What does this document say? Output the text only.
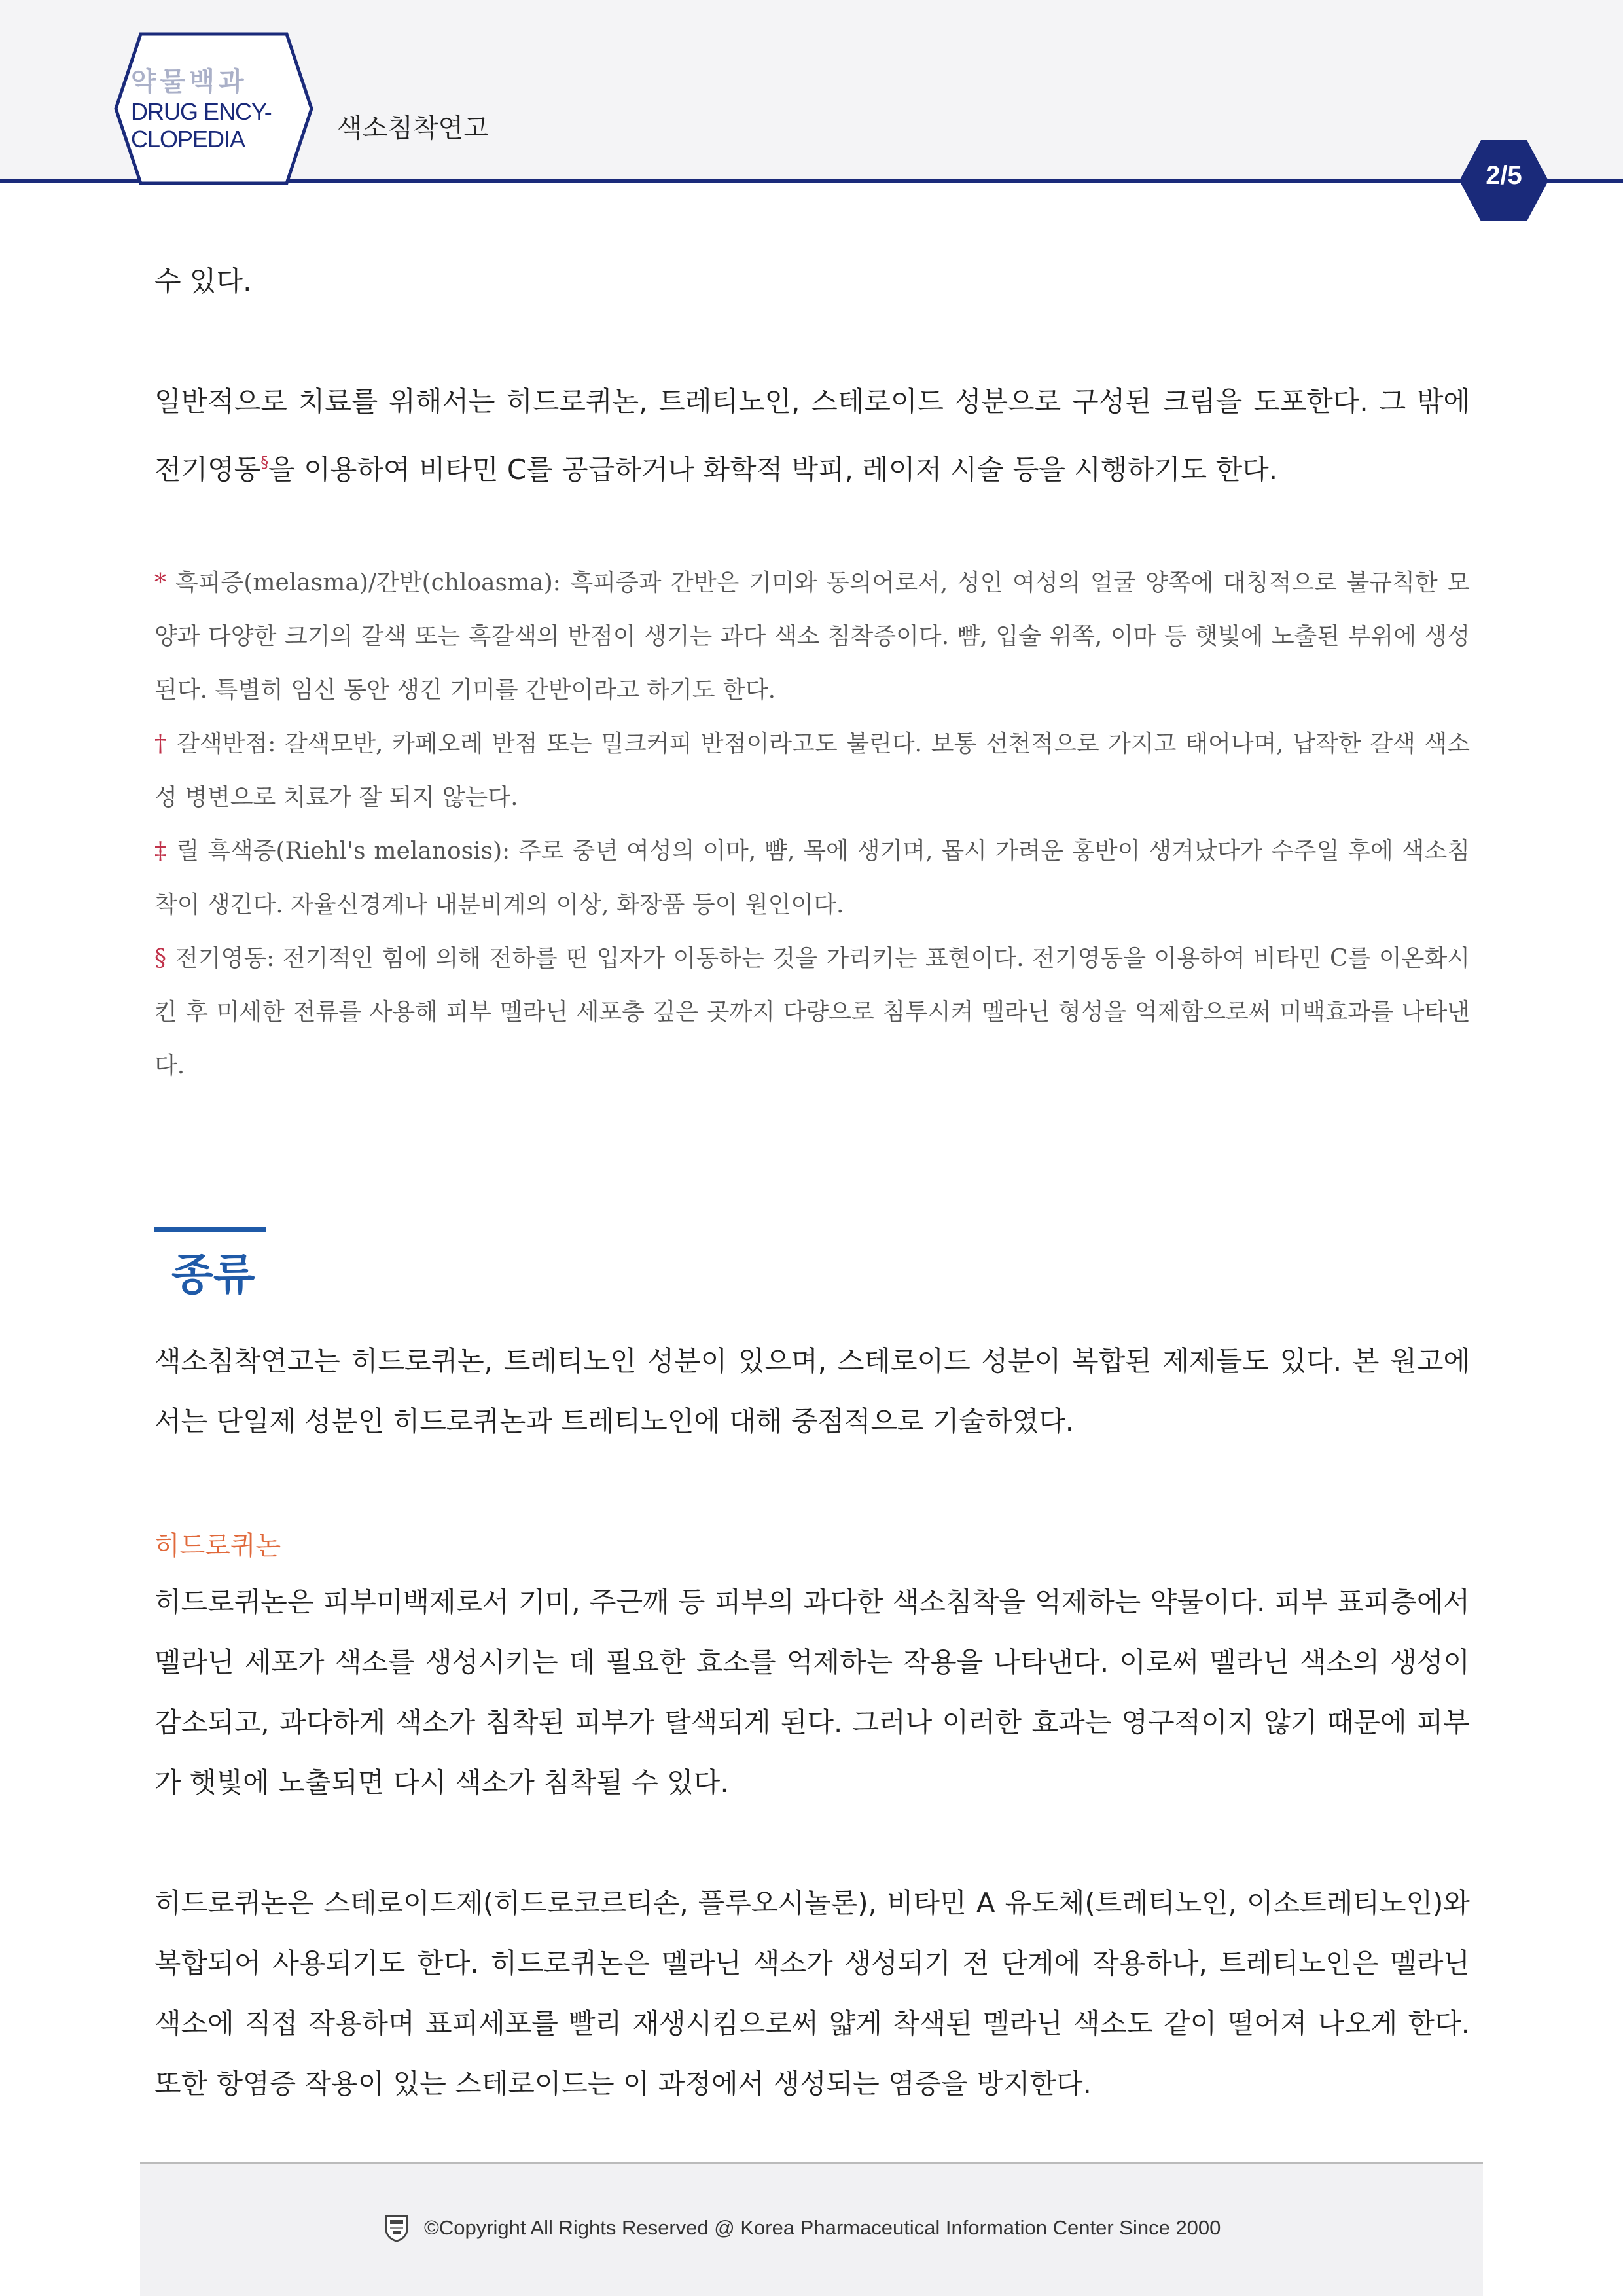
약물백과
DRUG ENCY-
CLOPEDIA	색소침착연고
2/5

수 있다.

일반적으로 치료를 위해서는 히드로퀴논, 트레티노인, 스테로이드 성분으로 구성된 크림을 도포한다. 그 밖에 전기영동§을 이용하여 비타민 C를 공급하거나 화학적 박피, 레이저 시술 등을 시행하기도 한다.

* 흑피증(melasma)/간반(chloasma): 흑피증과 간반은 기미와 동의어로서, 성인 여성의 얼굴 양쪽에 대칭적으로 불규칙한 모양과 다양한 크기의 갈색 또는 흑갈색의 반점이 생기는 과다 색소 침착증이다. 뺨, 입술 위쪽, 이마 등 햇빛에 노출된 부위에 생성된다. 특별히 임신 동안 생긴 기미를 간반이라고 하기도 한다.

† 갈색반점: 갈색모반, 카페오레 반점 또는 밀크커피 반점이라고도 불린다. 보통 선천적으로 가지고 태어나며, 납작한 갈색 색소성 병변으로 치료가 잘 되지 않는다.

‡ 릴 흑색증(Riehl's melanosis): 주로 중년 여성의 이마, 뺨, 목에 생기며, 몹시 가려운 홍반이 생겨났다가 수주일 후에 색소침착이 생긴다. 자율신경계나 내분비계의 이상, 화장품 등이 원인이다.

§ 전기영동: 전기적인 힘에 의해 전하를 띤 입자가 이동하는 것을 가리키는 표현이다. 전기영동을 이용하여 비타민 C를 이온화시킨 후 미세한 전류를 사용해 피부 멜라닌 세포층 깊은 곳까지 다량으로 침투시켜 멜라닌 형성을 억제함으로써 미백효과를 나타낸다.

종류

색소침착연고는 히드로퀴논, 트레티노인 성분이 있으며, 스테로이드 성분이 복합된 제제들도 있다. 본 원고에서는 단일제 성분인 히드로퀴논과 트레티노인에 대해 중점적으로 기술하였다.

히드로퀴논

히드로퀴논은 피부미백제로서 기미, 주근깨 등 피부의 과다한 색소침착을 억제하는 약물이다. 피부 표피층에서 멜라닌 세포가 색소를 생성시키는 데 필요한 효소를 억제하는 작용을 나타낸다. 이로써 멜라닌 색소의 생성이 감소되고, 과다하게 색소가 침착된 피부가 탈색되게 된다. 그러나 이러한 효과는 영구적이지 않기 때문에 피부가 햇빛에 노출되면 다시 색소가 침착될 수 있다.

히드로퀴논은 스테로이드제(히드로코르티손, 플루오시놀론), 비타민 A 유도체(트레티노인, 이소트레티노인)와 복합되어 사용되기도 한다. 히드로퀴논은 멜라닌 색소가 생성되기 전 단계에 작용하나, 트레티노인은 멜라닌 색소에 직접 작용하며 표피세포를 빨리 재생시킴으로써 얇게 착색된 멜라닌 색소도 같이 떨어져 나오게 한다. 또한 항염증 작용이 있는 스테로이드는 이 과정에서 생성되는 염증을 방지한다.

©Copyright All Rights Reserved @ Korea Pharmaceutical Information Center Since 2000
